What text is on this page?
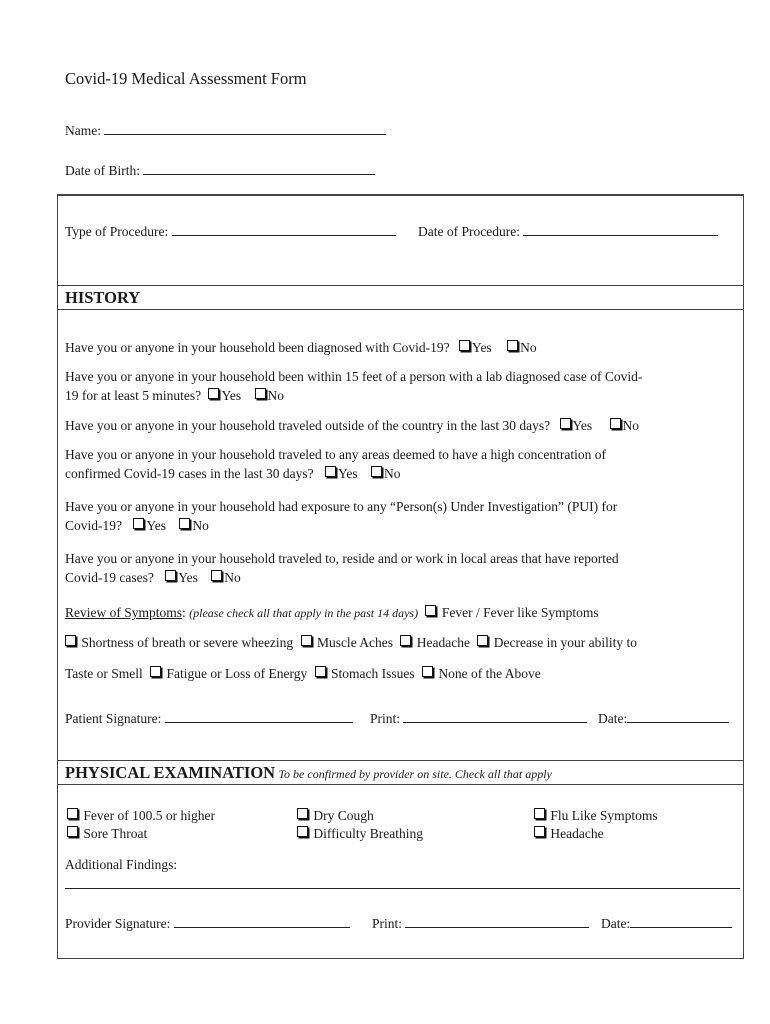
Covid-19 Medical Assessment Form
Name:
Date of Birth:
Type of Procedure:	Date of Procedure:
HISTORY
Have you or anyone in your household been diagnosed with Covid-19? Yes No
Have you or anyone in your household been within 15 feet of a person with a lab diagnosed case of Covid-
19 for at least 5 minutes? Yes No
Have you or anyone in your household traveled outside of the country in the last 30 days? Yes No
Have you or anyone in your household traveled to any areas deemed to have a high concentration of
confirmed Covid-19 cases in the last 30 days? Yes No
Have you or anyone in your household had exposure to any “Person(s) Under Investigation” (PUI) for
Covid-19? Yes No
Have you or anyone in your household traveled to, reside and or work in local areas that have reported
Covid-19 cases? Yes No
Review of Symptoms: (please check all that apply in the past 14 days) Fever / Fever like Symptoms
Shortness of breath or severe wheezing Muscle Aches Headache Decrease in your ability to
Taste or Smell Fatigue or Loss of Energy Stomach Issues None of the Above
Patient Signature:	Print:	Date:
PHYSICAL EXAMINATION To be confirmed by provider on site. Check all that apply
Fever of 100.5 or higher
Sore Throat
Dry Cough
Difficulty Breathing
Flu Like Symptoms
Headache
Additional Findings:
Provider Signature:	Print:	Date:
